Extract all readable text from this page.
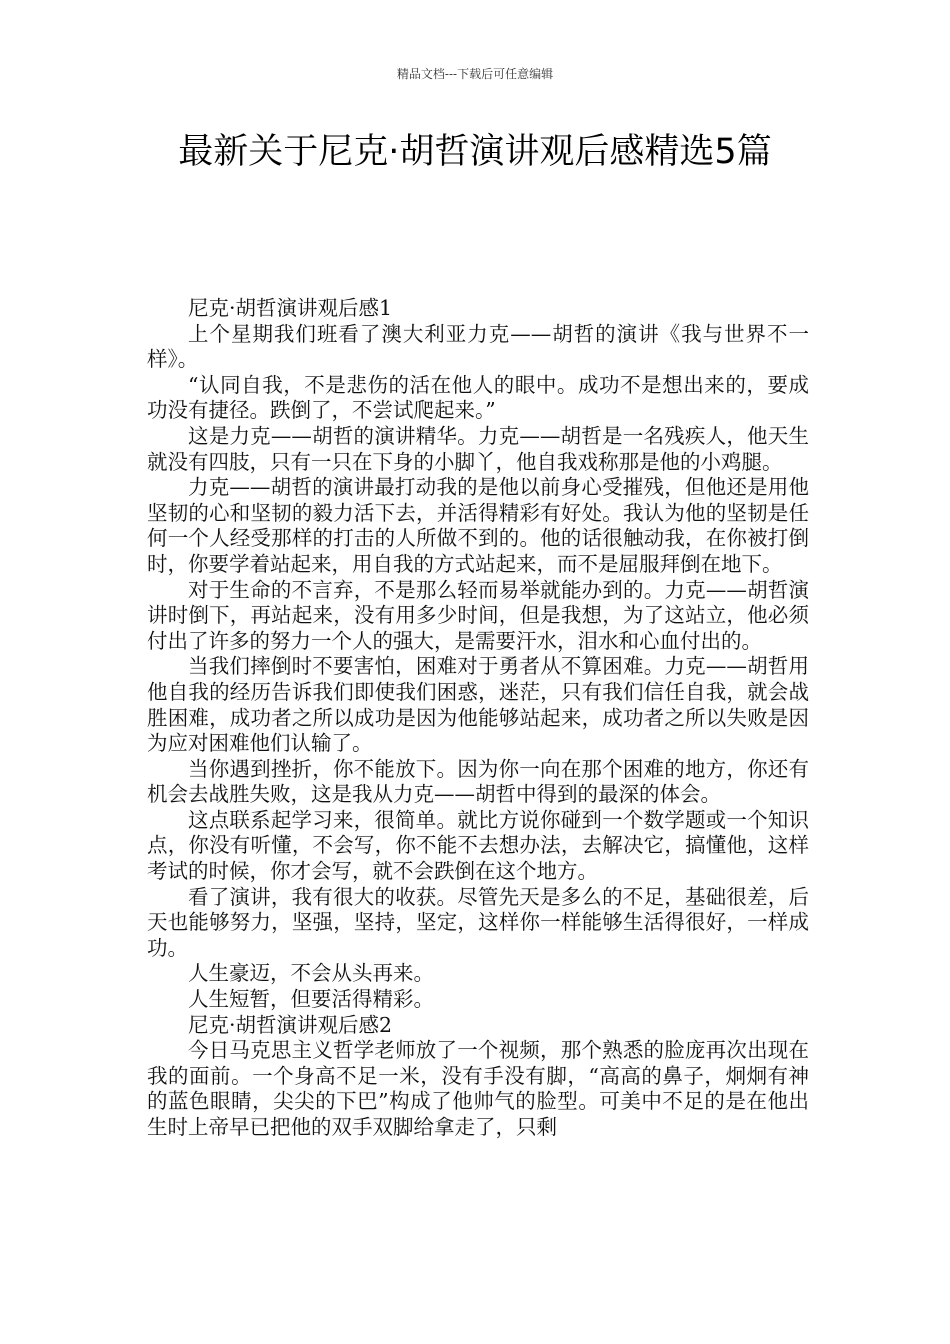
精品文档---下载后可任意编辑
最新关于尼克·胡哲演讲观后感精选5篇

尼克·胡哲演讲观后感1

上个星期我们班看了澳大利亚力克——胡哲的演讲《我与世界不一样》。

“认同自我，不是悲伤的活在他人的眼中。成功不是想出来的，要成功没有捷径。跌倒了，不尝试爬起来。”

这是力克——胡哲的演讲精华。力克——胡哲是一名残疾人，他天生就没有四肢，只有一只在下身的小脚丫，他自我戏称那是他的小鸡腿。

力克——胡哲的演讲最打动我的是他以前身心受摧残，但他还是用他坚韧的心和坚韧的毅力活下去，并活得精彩有好处。我认为他的坚韧是任何一个人经受那样的打击的人所做不到的。他的话很触动我，在你被打倒时，你要学着站起来，用自我的方式站起来，而不是屈服拜倒在地下。

对于生命的不言弃，不是那么轻而易举就能办到的。力克——胡哲演讲时倒下，再站起来，没有用多少时间，但是我想，为了这站立，他必须付出了许多的努力一个人的强大，是需要汗水，泪水和心血付出的。

当我们摔倒时不要害怕，困难对于勇者从不算困难。力克——胡哲用他自我的经历告诉我们即使我们困惑，迷茫，只有我们信任自我，就会战胜困难，成功者之所以成功是因为他能够站起来，成功者之所以失败是因为应对困难他们认输了。

当你遇到挫折，你不能放下。因为你一向在那个困难的地方，你还有机会去战胜失败，这是我从力克——胡哲中得到的最深的体会。

这点联系起学习来，很简单。就比方说你碰到一个数学题或一个知识点，你没有听懂，不会写，你不能不去想办法，去解决它，搞懂他，这样考试的时候，你才会写，就不会跌倒在这个地方。

看了演讲，我有很大的收获。尽管先天是多么的不足，基础很差，后天也能够努力，坚强，坚持，坚定，这样你一样能够生活得很好，一样成功。

人生豪迈，不会从头再来。

人生短暂，但要活得精彩。

尼克·胡哲演讲观后感2

今日马克思主义哲学老师放了一个视频，那个熟悉的脸庞再次出现在我的面前。一个身高不足一米，没有手没有脚，“高高的鼻子，炯炯有神的蓝色眼睛，尖尖的下巴”构成了他帅气的脸型。可美中不足的是在他出生时上帝早已把他的双手双脚给拿走了，只剩
